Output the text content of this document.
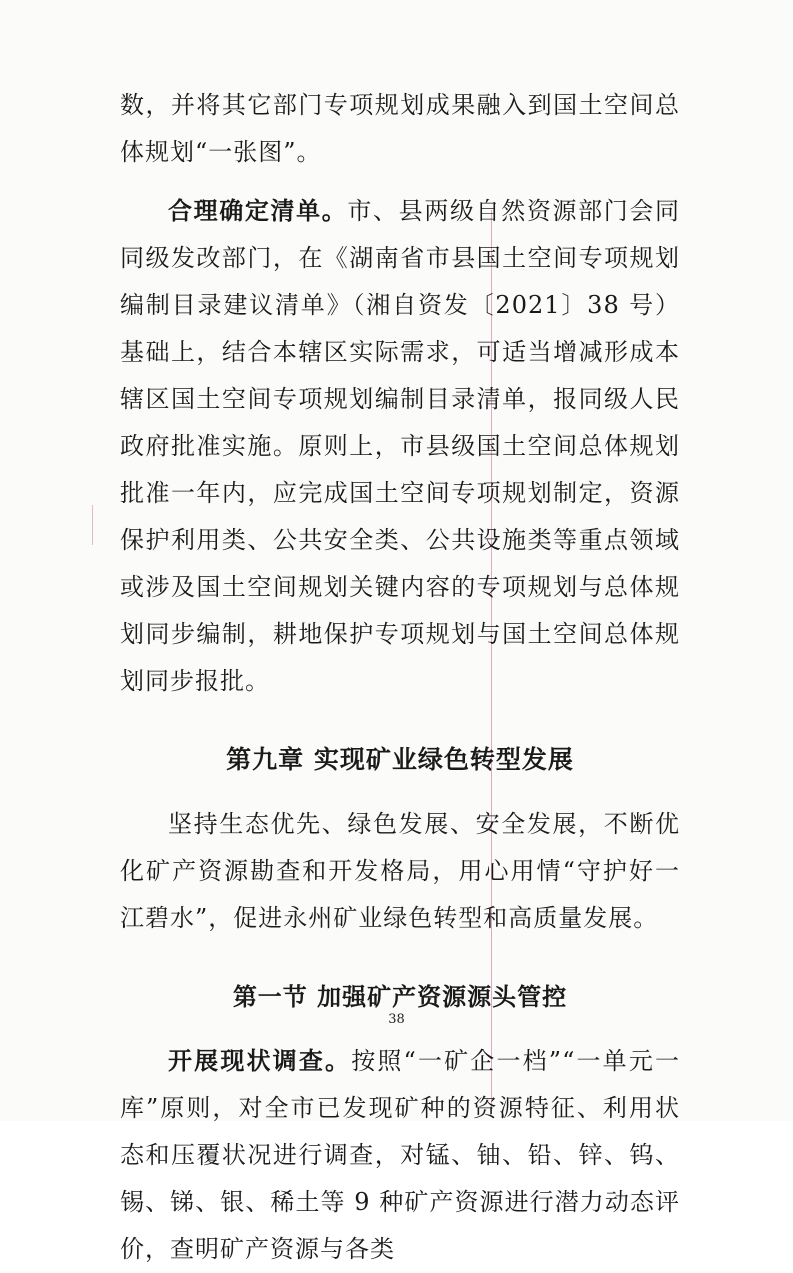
数，并将其它部门专项规划成果融入到国土空间总体规划“一张图”。

合理确定清单。市、县两级自然资源部门会同同级发改部门，在《湖南省市县国土空间专项规划编制目录建议清单》（湘自资发〔2021〕38 号）基础上，结合本辖区实际需求，可适当增减形成本辖区国土空间专项规划编制目录清单，报同级人民政府批准实施。原则上，市县级国土空间总体规划批准一年内，应完成国土空间专项规划制定，资源保护利用类、公共安全类、公共设施类等重点领域或涉及国土空间规划关键内容的专项规划与总体规划同步编制，耕地保护专项规划与国土空间总体规划同步报批。

第九章 实现矿业绿色转型发展

坚持生态优先、绿色发展、安全发展，不断优化矿产资源勘查和开发格局，用心用情“守护好一江碧水”，促进永州矿业绿色转型和高质量发展。

第一节 加强矿产资源源头管控

开展现状调查。按照“一矿企一档”“一单元一库”原则，对全市已发现矿种的资源特征、利用状态和压覆状况进行调查，对锰、铀、铅、锌、钨、锡、锑、银、稀土等 9 种矿产资源进行潜力动态评价，查明矿产资源与各类

38
